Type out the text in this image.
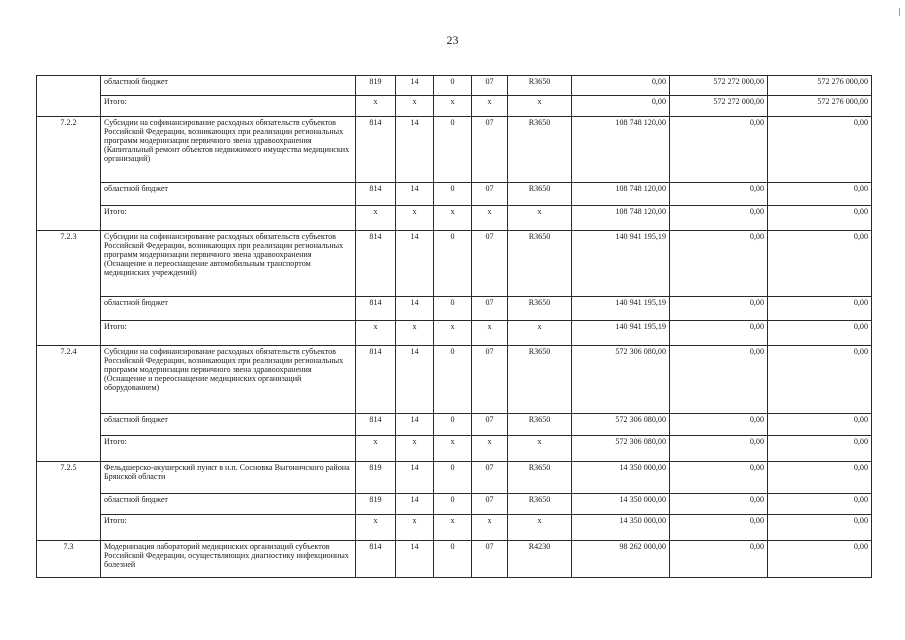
23
	областной бюджет	819	14	0	07	R3650	0,00	572 272 000,00	572 276 000,00
	Итого:	х	х	х	х	х	0,00	572 272 000,00	572 276 000,00
7.2.2	Субсидии на софинансирование расходных обязательств субъектов Российской Федерации, возникающих при реализации региональных программ модернизации первичного звена здравоохранения (Капитальный ремонт объектов недвижимого имущества медицинских организаций)	814	14	0	07	R3650	108 748 120,00	0,00	0,00
	областной бюджет	814	14	0	07	R3650	108 748 120,00	0,00	0,00
	Итого:	х	х	х	х	х	108 748 120,00	0,00	0,00
7.2.3	Субсидии на софинансирование расходных обязательств субъектов Российской Федерации, возникающих при реализации региональных программ модернизации первичного звена здравоохранения (Оснащение и переоснащение автомобильным транспортом медицинских учреждений)	814	14	0	07	R3650	140 941 195,19	0,00	0,00
	областной бюджет	814	14	0	07	R3650	140 941 195,19	0,00	0,00
	Итого:	х	х	х	х	х	140 941 195,19	0,00	0,00
7.2.4	Субсидии на софинансирование расходных обязательств субъектов Российской Федерации, возникающих при реализации региональных программ модернизации первичного звена здравоохранения (Оснащение и переоснащение медицинских организаций оборудованием)	814	14	0	07	R3650	572 306 080,00	0,00	0,00
	областной бюджет	814	14	0	07	R3650	572 306 080,00	0,00	0,00
	Итого:	х	х	х	х	х	572 306 080,00	0,00	0,00
7.2.5	Фельдшерско-акушерский пункт в н.п. Сосновка Выгоничского района Брянской области	819	14	0	07	R3650	14 350 000,00	0,00	0,00
	областной бюджет	819	14	0	07	R3650	14 350 000,00	0,00	0,00
	Итого:	х	х	х	х	х	14 350 000,00	0,00	0,00
7.3	Модернизация лабораторий медицинских организаций субъектов Российской Федерации, осуществляющих диагностику инфекционных болезней	814	14	0	07	R4230	98 262 000,00	0,00	0,00
